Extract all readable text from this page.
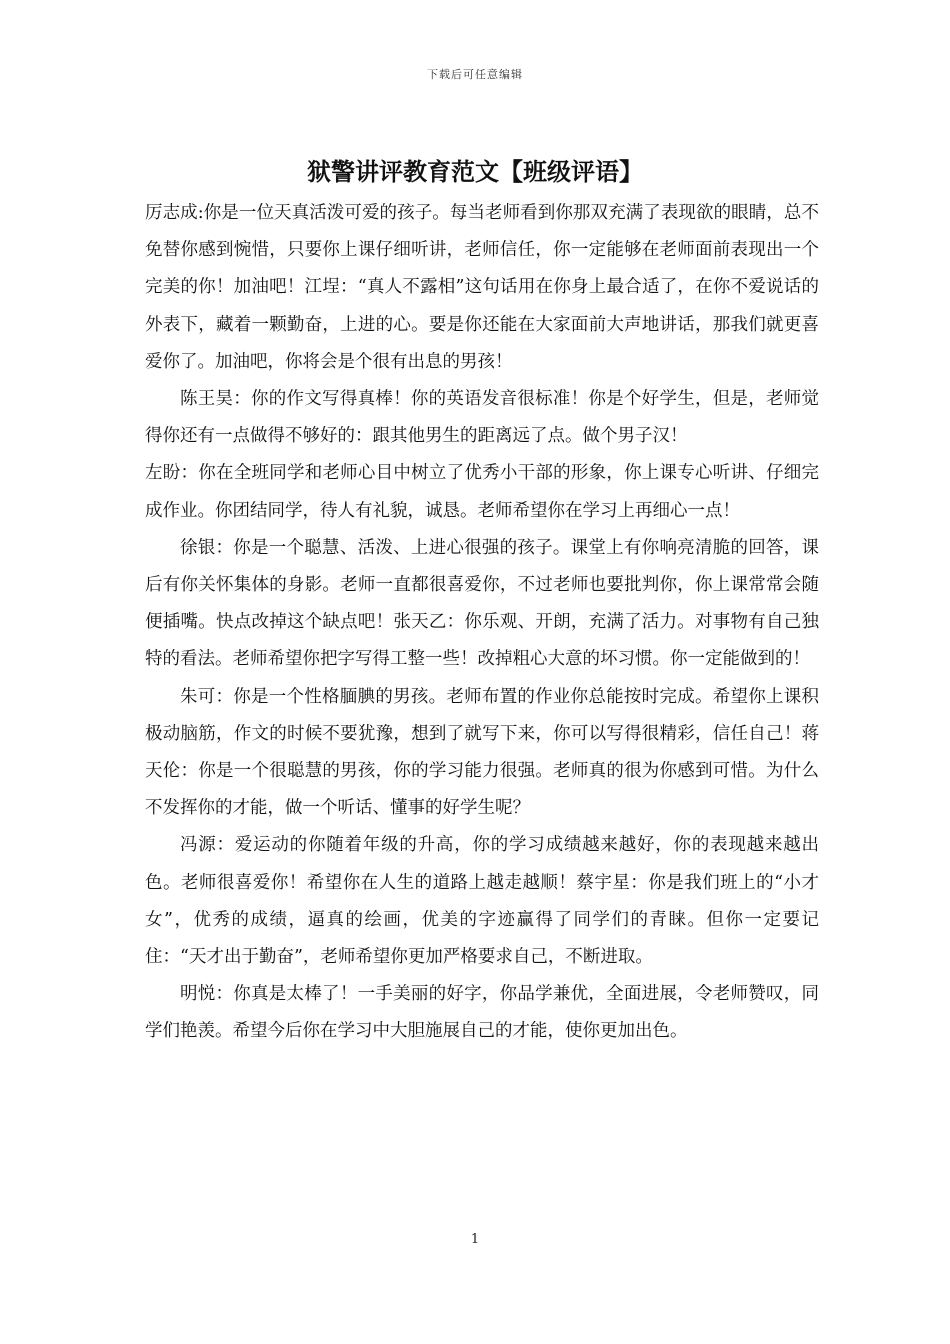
下载后可任意编辑
狱警讲评教育范文【班级评语】

厉志成:你是一位天真活泼可爱的孩子。每当老师看到你那双充满了表现欲的眼睛，总不免替你感到惋惜，只要你上课仔细听讲，老师信任，你一定能够在老师面前表现出一个完美的你！加油吧！江埕：“真人不露相”这句话用在你身上最合适了，在你不爱说话的外表下，藏着一颗勤奋，上进的心。要是你还能在大家面前大声地讲话，那我们就更喜爱你了。加油吧，你将会是个很有出息的男孩！

陈王昊：你的作文写得真棒！你的英语发音很标准！你是个好学生，但是，老师觉得你还有一点做得不够好的：跟其他男生的距离远了点。做个男子汉！

左盼：你在全班同学和老师心目中树立了优秀小干部的形象，你上课专心听讲、仔细完成作业。你团结同学，待人有礼貌，诚恳。老师希望你在学习上再细心一点！

徐银：你是一个聪慧、活泼、上进心很强的孩子。课堂上有你响亮清脆的回答，课后有你关怀集体的身影。老师一直都很喜爱你，不过老师也要批判你，你上课常常会随便插嘴。快点改掉这个缺点吧！张天乙：你乐观、开朗，充满了活力。对事物有自己独特的看法。老师希望你把字写得工整一些！改掉粗心大意的坏习惯。你一定能做到的！

朱可：你是一个性格腼腆的男孩。老师布置的作业你总能按时完成。希望你上课积极动脑筋，作文的时候不要犹豫，想到了就写下来，你可以写得很精彩，信任自己！蒋天伦：你是一个很聪慧的男孩，你的学习能力很强。老师真的很为你感到可惜。为什么不发挥你的才能，做一个听话、懂事的好学生呢？

冯源：爱运动的你随着年级的升高，你的学习成绩越来越好，你的表现越来越出色。老师很喜爱你！希望你在人生的道路上越走越顺！蔡宇星：你是我们班上的“小才女”，优秀的成绩，逼真的绘画，优美的字迹赢得了同学们的青睐。但你一定要记住：“天才出于勤奋”，老师希望你更加严格要求自己，不断进取。

明悦：你真是太棒了！一手美丽的好字，你品学兼优，全面进展，令老师赞叹，同学们艳羡。希望今后你在学习中大胆施展自己的才能，使你更加出色。

1
